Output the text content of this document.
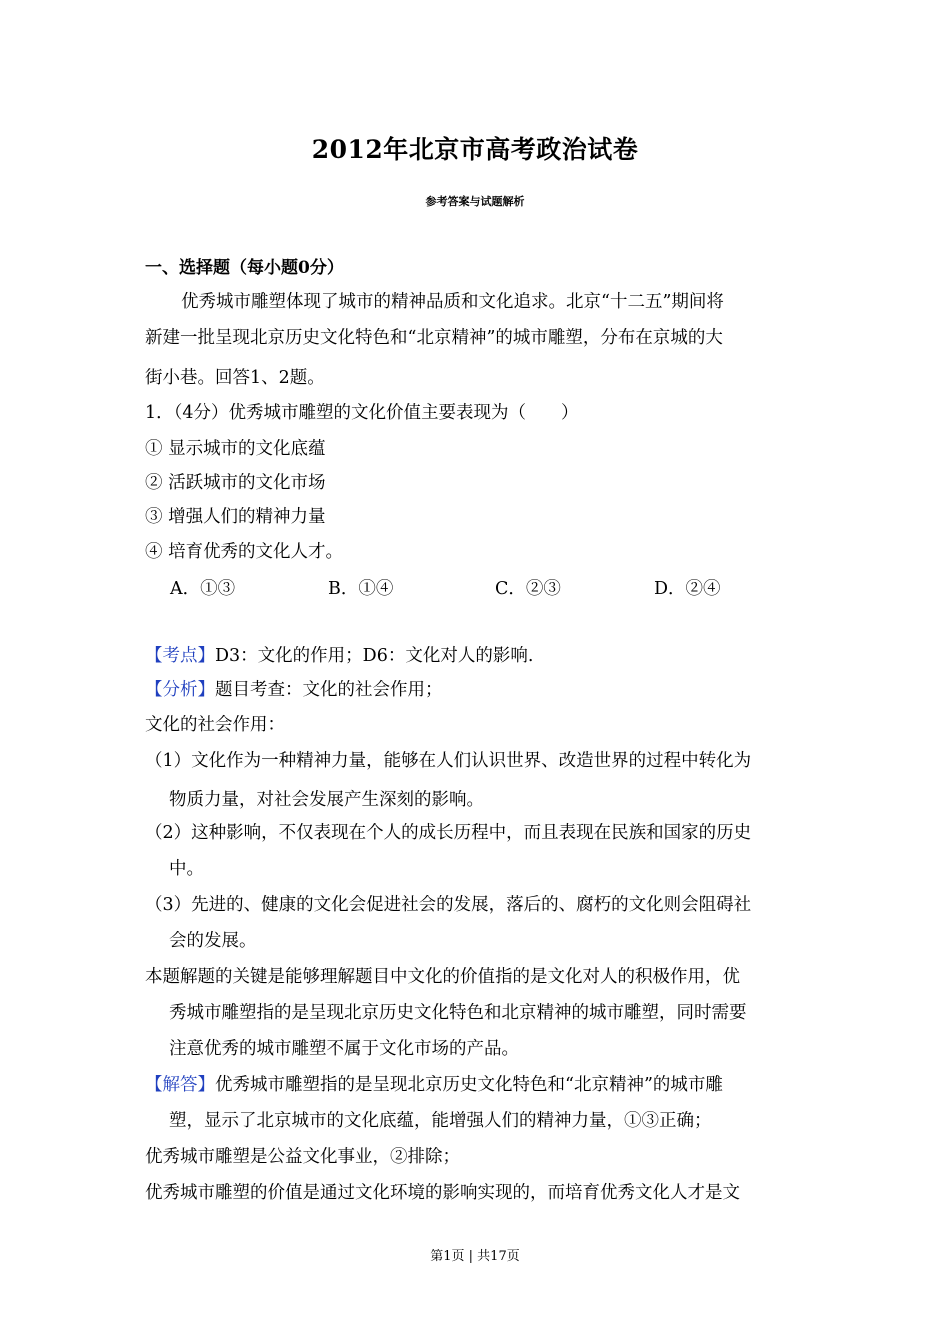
2012年北京市高考政治试卷
参考答案与试题解析
一、选择题（每小题0分）
优秀城市雕塑体现了城市的精神品质和文化追求。北京“十二五”期间将
新建一批呈现北京历史文化特色和“北京精神”的城市雕塑，分布在京城的大
街小巷。回答1、2题。
1．（4分）优秀城市雕塑的文化价值主要表现为（　　）
① 显示城市的文化底蕴
② 活跃城市的文化市场
③ 增强人们的精神力量
④ 培育优秀的文化人才。
A．①③	B．①④	C．②③	D．②④
【考点】D3：文化的作用；D6：文化对人的影响.
【分析】题目考查：文化的社会作用；
文化的社会作用：
（1）文化作为一种精神力量，能够在人们认识世界、改造世界的过程中转化为
物质力量，对社会发展产生深刻的影响。
（2）这种影响，不仅表现在个人的成长历程中，而且表现在民族和国家的历史
中。
（3）先进的、健康的文化会促进社会的发展，落后的、腐朽的文化则会阻碍社
会的发展。
本题解题的关键是能够理解题目中文化的价值指的是文化对人的积极作用，优
秀城市雕塑指的是呈现北京历史文化特色和北京精神的城市雕塑，同时需要
注意优秀的城市雕塑不属于文化市场的产品。
【解答】优秀城市雕塑指的是呈现北京历史文化特色和“北京精神”的城市雕
塑，显示了北京城市的文化底蕴，能增强人们的精神力量，①③正确；
优秀城市雕塑是公益文化事业，②排除；
优秀城市雕塑的价值是通过文化环境的影响实现的，而培育优秀文化人才是文
第1页 | 共17页
